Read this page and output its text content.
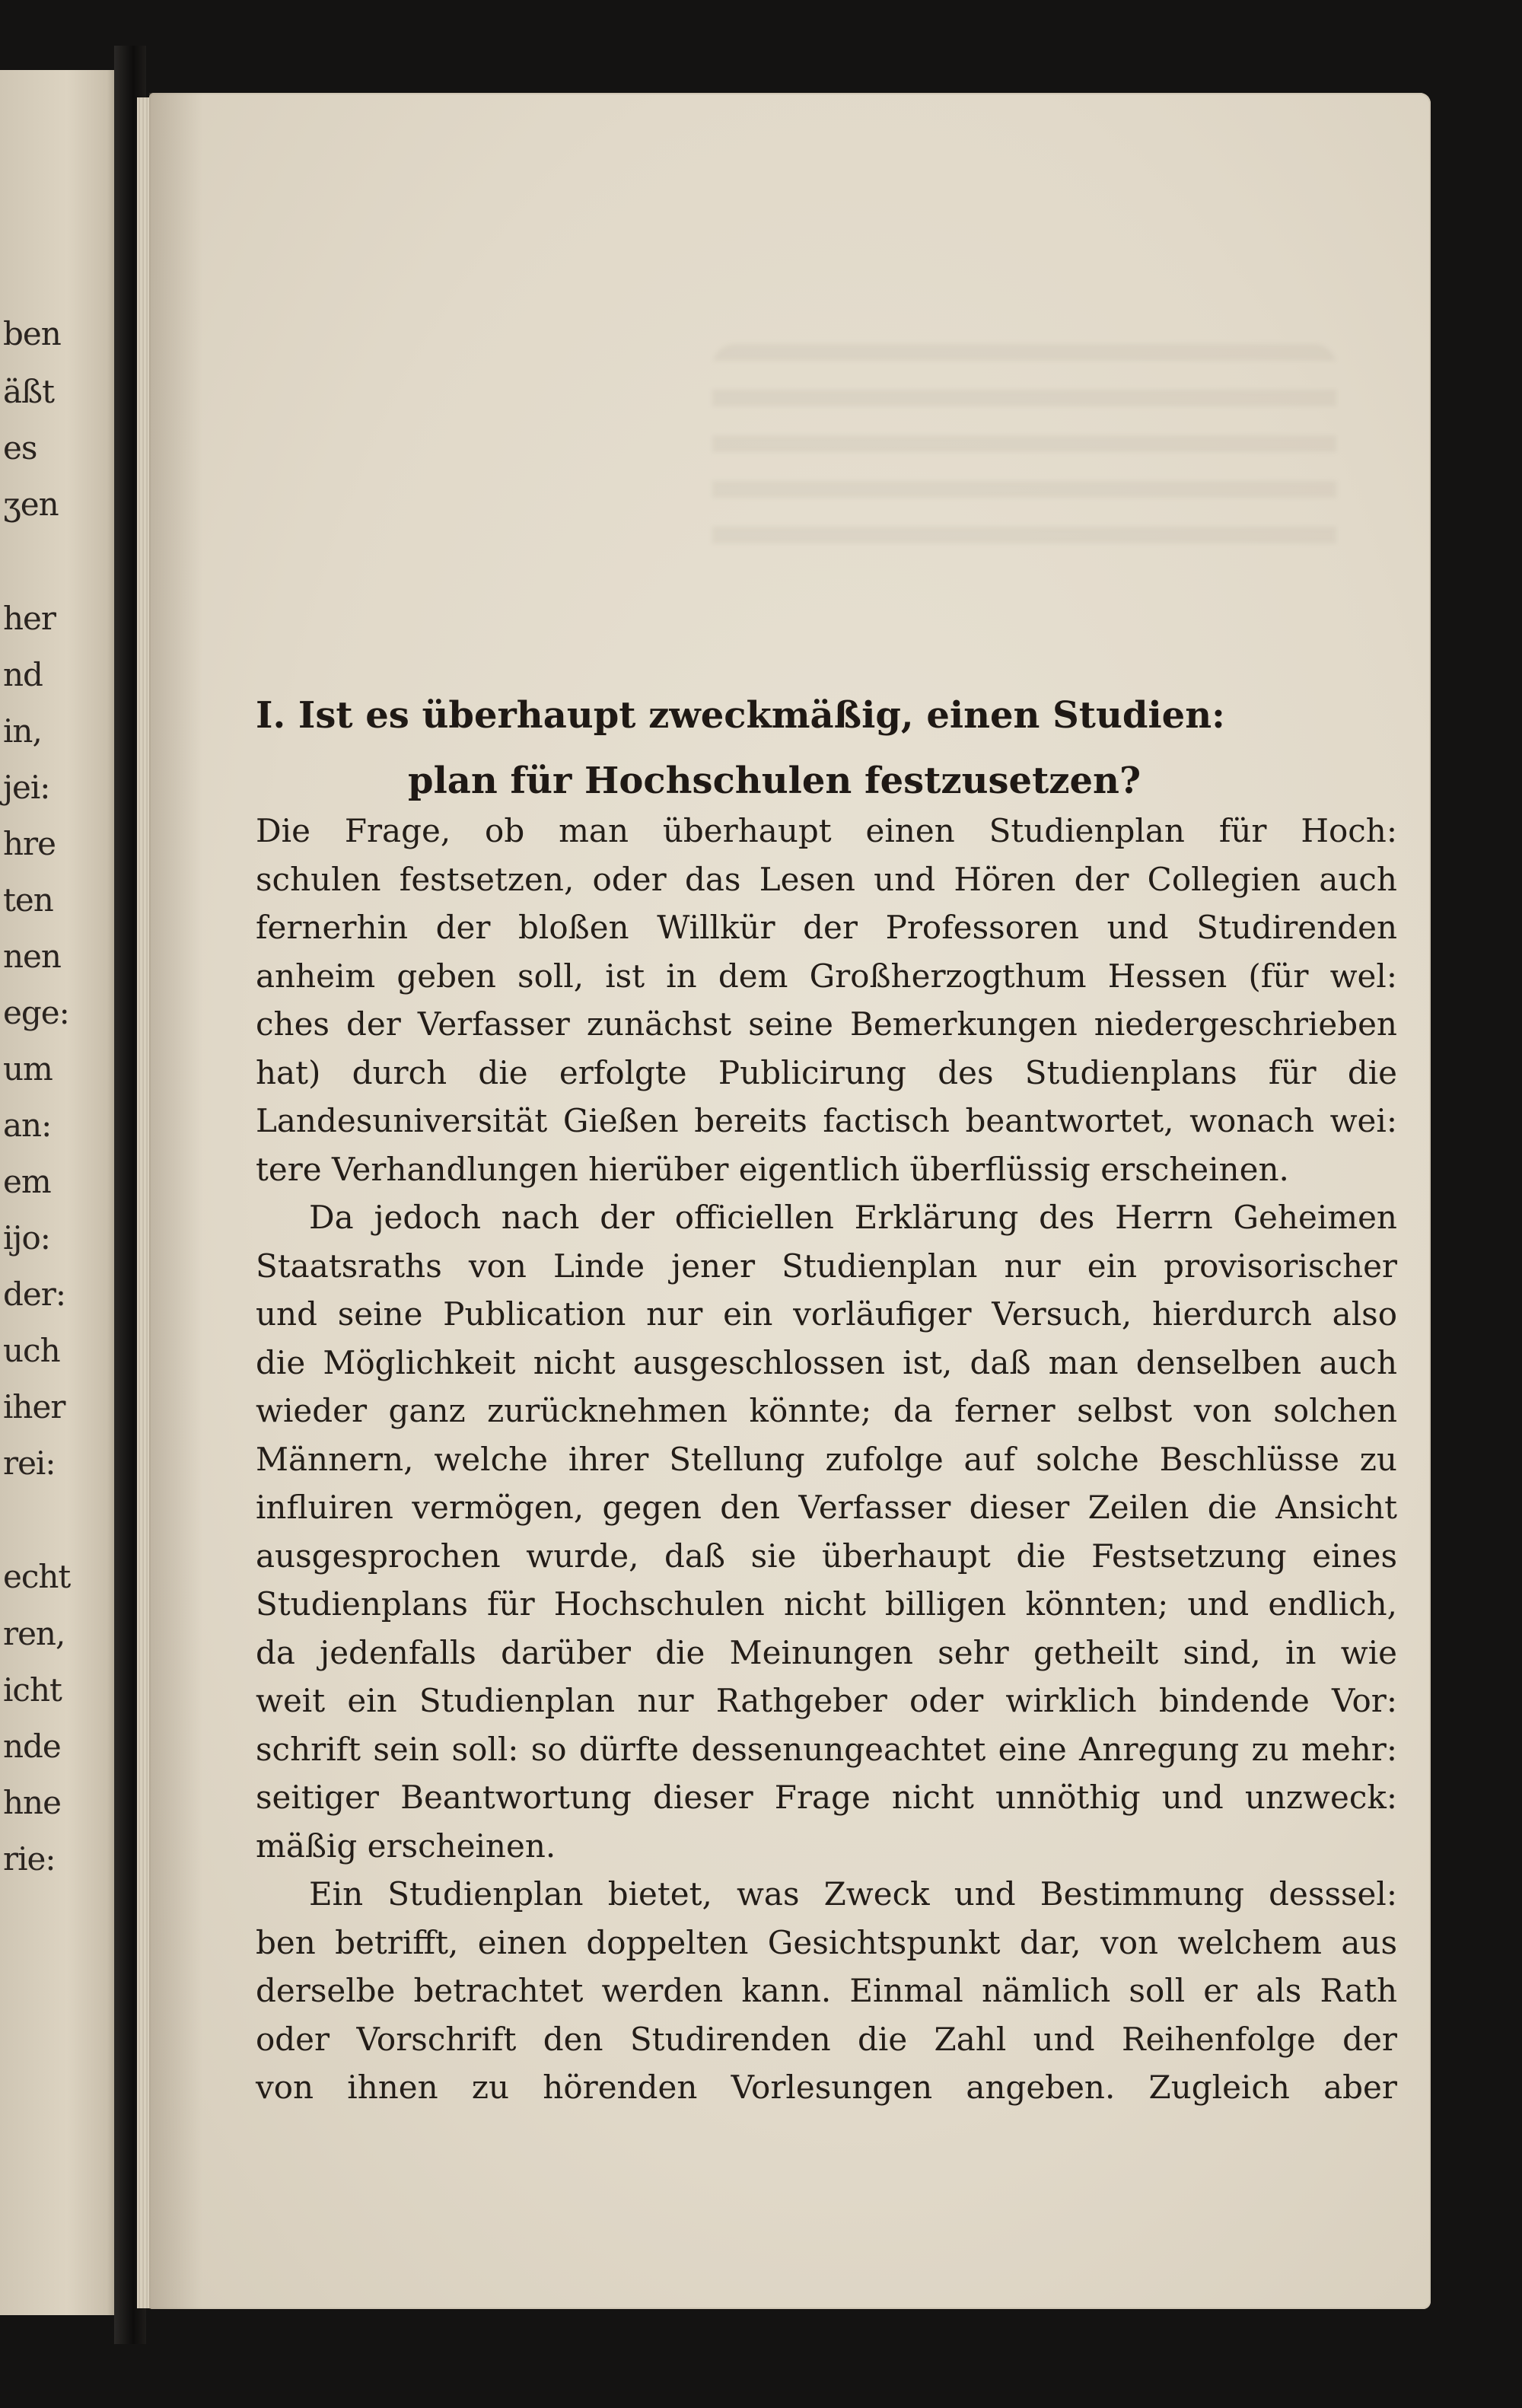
ben
äßt
es
ʒen
her
nd
in,
jei:
hre
ten
nen
ege:
um
an:
em
ijo:
der:
uch
iher
rei:
echt
ren,
icht
nde
hne
rie:
I. Ist es überhaupt zweckmäßig, einen Studien:
plan für Hochschulen festzusetzen?
Die Frage, ob man überhaupt einen Studienplan für Hoch:
schulen festsetzen, oder das Lesen und Hören der Collegien auch
fernerhin der bloßen Willkür der Professoren und Studirenden
anheim geben soll, ist in dem Großherzogthum Hessen (für wel:
ches der Verfasser zunächst seine Bemerkungen niedergeschrieben
hat) durch die erfolgte Publicirung des Studienplans für die
Landesuniversität Gießen bereits factisch beantwortet, wonach wei:
tere Verhandlungen hierüber eigentlich überflüssig erscheinen.
Da jedoch nach der officiellen Erklärung des Herrn Geheimen
Staatsraths von Linde jener Studienplan nur ein provisorischer
und seine Publication nur ein vorläufiger Versuch, hierdurch also
die Möglichkeit nicht ausgeschlossen ist, daß man denselben auch
wieder ganz zurücknehmen könnte; da ferner selbst von solchen
Männern, welche ihrer Stellung zufolge auf solche Beschlüsse zu
influiren vermögen, gegen den Verfasser dieser Zeilen die Ansicht
ausgesprochen wurde, daß sie überhaupt die Festsetzung eines
Studienplans für Hochschulen nicht billigen könnten; und endlich,
da jedenfalls darüber die Meinungen sehr getheilt sind, in wie
weit ein Studienplan nur Rathgeber oder wirklich bindende Vor:
schrift sein soll: so dürfte dessenungeachtet eine Anregung zu mehr:
seitiger Beantwortung dieser Frage nicht unnöthig und unzweck:
mäßig erscheinen.
Ein Studienplan bietet, was Zweck und Bestimmung desssel:
ben betrifft, einen doppelten Gesichtspunkt dar, von welchem aus
derselbe betrachtet werden kann. Einmal nämlich soll er als Rath
oder Vorschrift den Studirenden die Zahl und Reihenfolge der
von ihnen zu hörenden Vorlesungen angeben. Zugleich aber
